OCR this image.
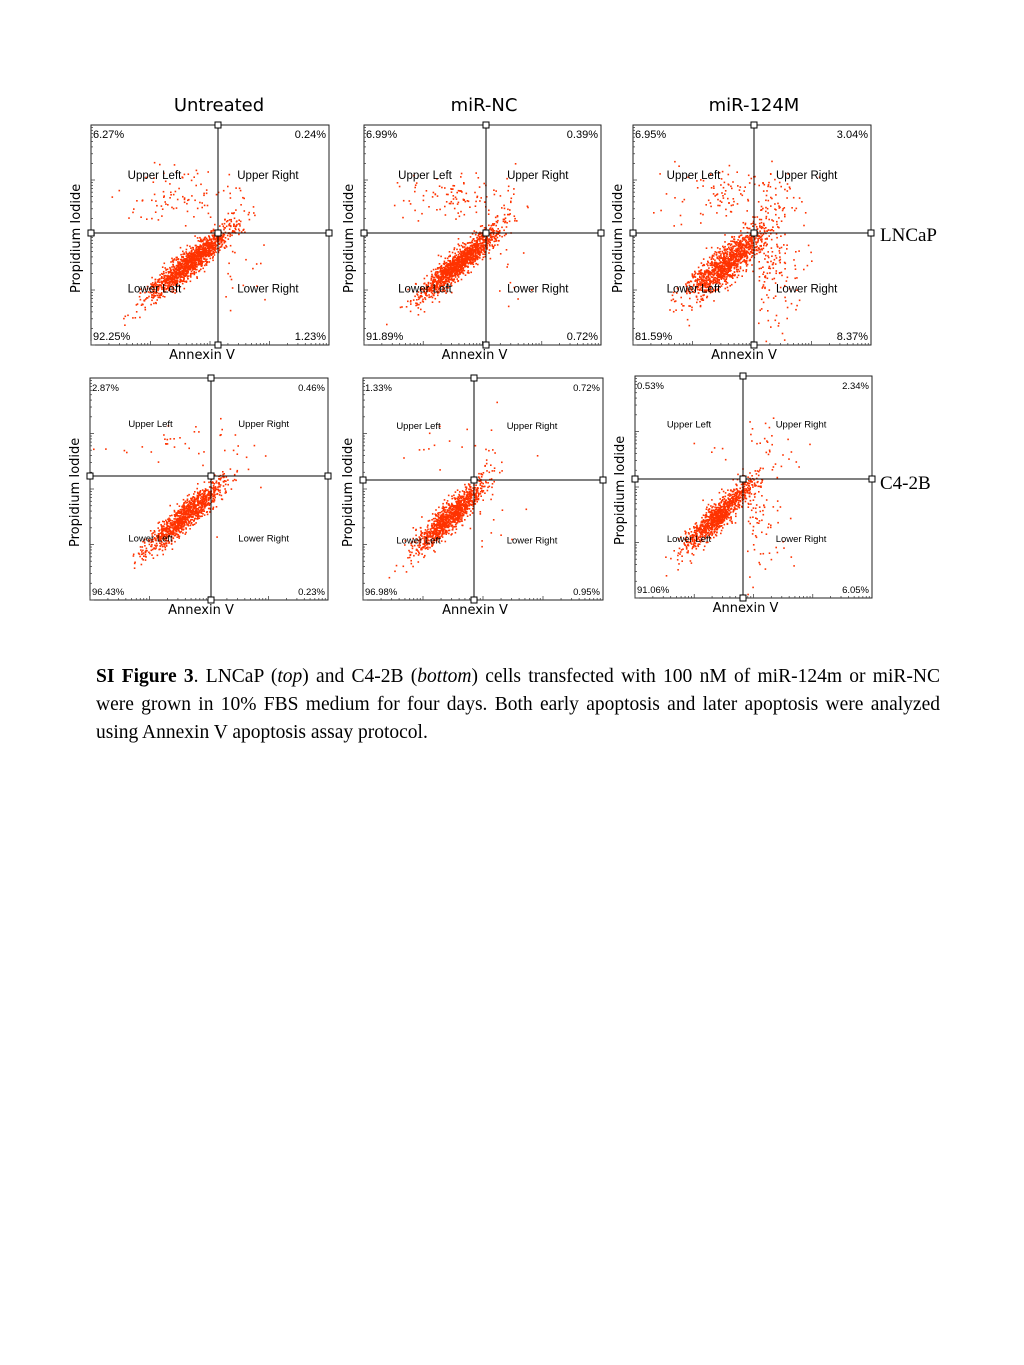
Untreated	miR-NC	miR-124M
LNCaP
C4-2B
6.27%	0.24%
92.25%	1.23%
Upper Left	Upper Right
Lower Left	Lower Right
Annexin V
Propidium Iodide
6.99%	0.39%
91.89%	0.72%
Upper Left	Upper Right
Lower Left	Lower Right
Annexin V
Propidium Iodide
6.95%	3.04%
81.59%	8.37%
Upper Left	Upper Right
Lower Left	Lower Right
Annexin V
Propidium Iodide
2.87%	0.46%
96.43%	0.23%
Upper Left	Upper Right
Lower Left	Lower Right
Annexin V
Propidium Iodide
1.33%	0.72%
96.98%	0.95%
Upper Left	Upper Right
Lower Left	Lower Right
Annexin V
Propidium Iodide
0.53%	2.34%
91.06%	6.05%
Upper Left	Upper Right
Lower Left	Lower Right
Annexin V
Propidium Iodide
SI Figure 3. LNCaP (top) and C4-2B (bottom) cells transfected with 100 nM of miR-124m or miR-NC were grown in 10% FBS medium for four days. Both early apoptosis and later apoptosis were analyzed using Annexin V apoptosis assay protocol.
